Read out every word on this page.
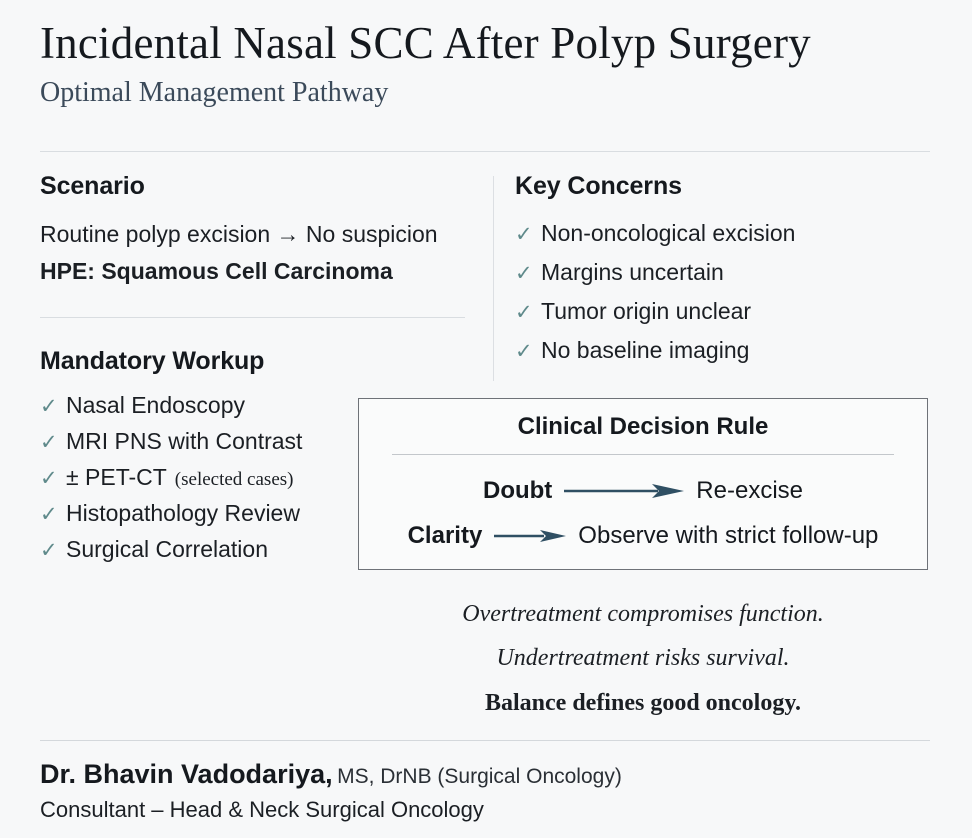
Incidental Nasal SCC After Polyp Surgery
Optimal Management Pathway
Scenario
Routine polyp excision → No suspicion
HPE: Squamous Cell Carcinoma
Mandatory Workup
✓ Nasal Endoscopy
✓ MRI PNS with Contrast
✓ ± PET-CT (selected cases)
✓ Histopathology Review
✓ Surgical Correlation
Key Concerns
✓ Non-oncological excision
✓ Margins uncertain
✓ Tumor origin unclear
✓ No baseline imaging
Clinical Decision Rule
Doubt	Re-excise
Clarity	Observe with strict follow-up
Overtreatment compromises function.
Undertreatment risks survival.
Balance defines good oncology.
Dr. Bhavin Vadodariya, MS, DrNB (Surgical Oncology)
Consultant – Head & Neck Surgical Oncology
